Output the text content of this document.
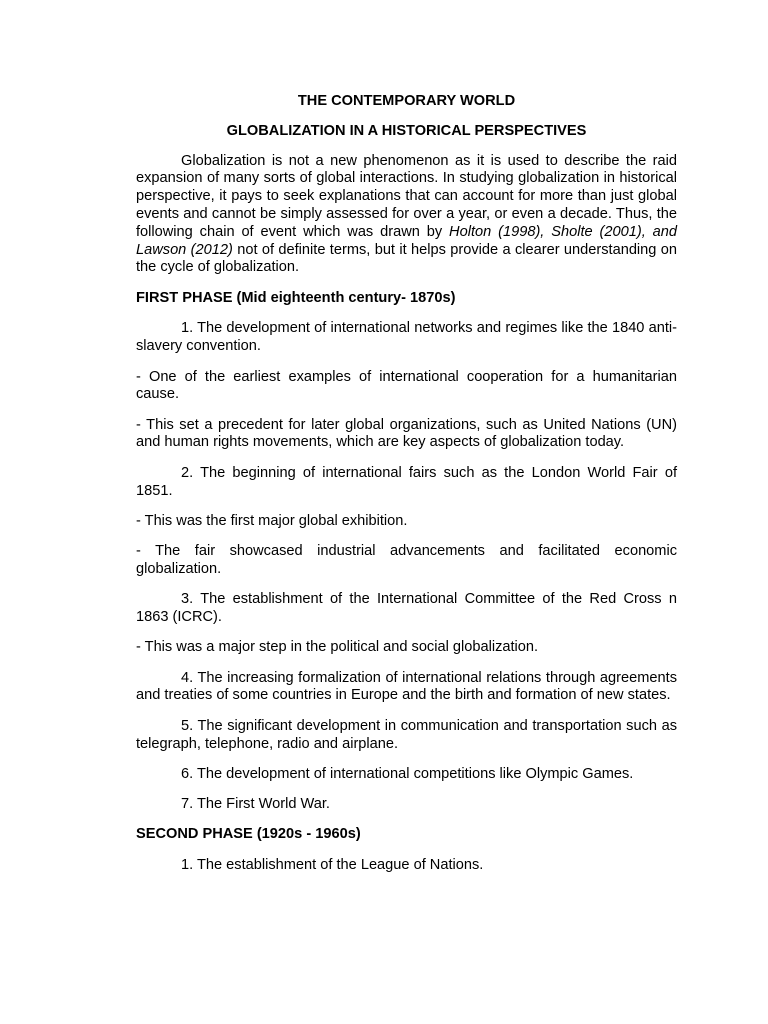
THE CONTEMPORARY WORLD
GLOBALIZATION IN A HISTORICAL PERSPECTIVES

Globalization is not a new phenomenon as it is used to describe the raid expansion of many sorts of global interactions. In studying globalization in historical perspective, it pays to seek explanations that can account for more than just global events and cannot be simply assessed for over a year, or even a decade. Thus, the following chain of event which was drawn by Holton (1998), Sholte (2001), and Lawson (2012) not of definite terms, but it helps provide a clearer understanding on the cycle of globalization.

FIRST PHASE (Mid eighteenth century- 1870s)

1. The development of international networks and regimes like the 1840 anti-slavery convention.

- One of the earliest examples of international cooperation for a humanitarian cause.

- This set a precedent for later global organizations, such as United Nations (UN) and human rights movements, which are key aspects of globalization today.

2. The beginning of international fairs such as the London World Fair of 1851.

- This was the first major global exhibition.

- The fair showcased industrial advancements and facilitated economic globalization.

3. The establishment of the International Committee of the Red Cross n 1863 (ICRC).

- This was a major step in the political and social globalization.

4. The increasing formalization of international relations through agreements and treaties of some countries in Europe and the birth and formation of new states.

5. The significant development in communication and transportation such as telegraph, telephone, radio and airplane.

6. The development of international competitions like Olympic Games.

7. The First World War.

SECOND PHASE (1920s - 1960s)

1. The establishment of the League of Nations.
